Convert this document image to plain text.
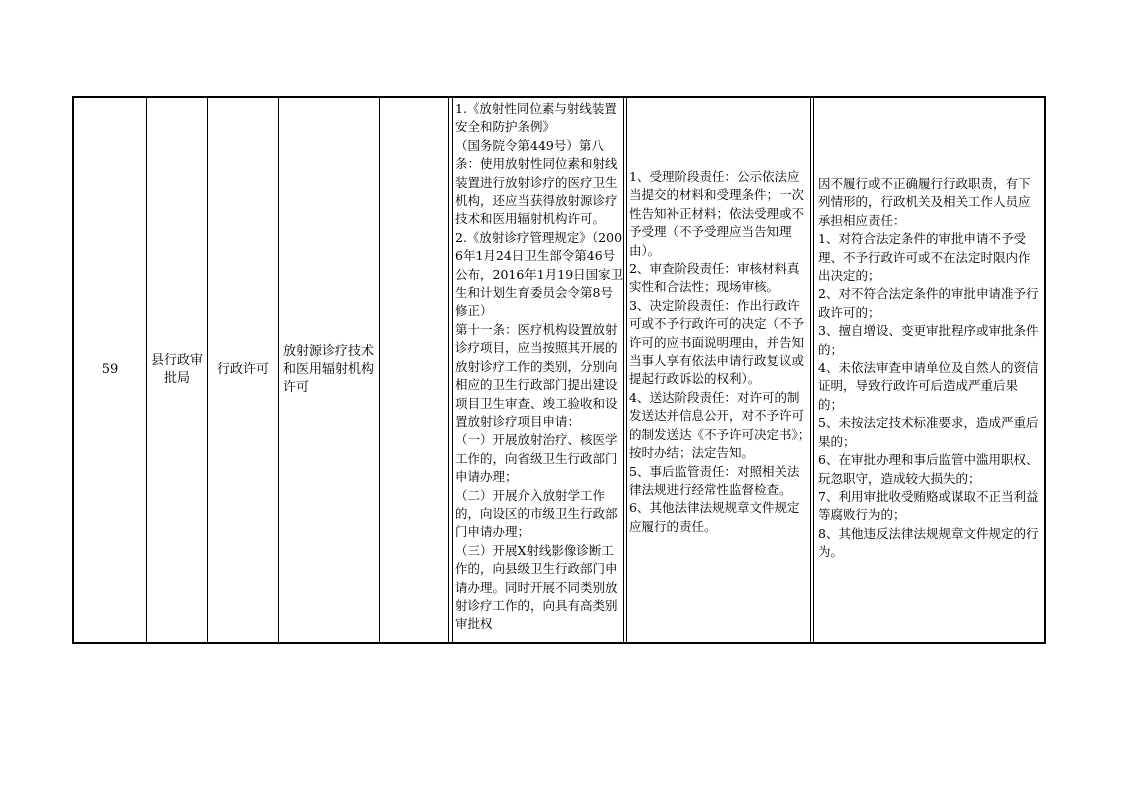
59
县行政审批局
行政许可
放射源诊疗技术和医用辐射机构许可
1.《放射性同位素与射线装置安全和防护条例》
（国务院令第449号）第八条：使用放射性同位素和射线装置进行放射诊疗的医疗卫生机构，还应当获得放射源诊疗技术和医用辐射机构许可。
2.《放射诊疗管理规定》（2006年1月24日卫生部令第46号公布，2016年1月19日国家卫生和计划生育委员会令第8号修正）
第十一条：医疗机构设置放射诊疗项目，应当按照其开展的放射诊疗工作的类别，分别向相应的卫生行政部门提出建设项目卫生审查、竣工验收和设置放射诊疗项目申请：
（一）开展放射治疗、核医学工作的，向省级卫生行政部门申请办理；
（二）开展介入放射学工作的，向设区的市级卫生行政部门申请办理；
（三）开展X射线影像诊断工作的，向县级卫生行政部门申请办理。同时开展不同类别放射诊疗工作的，向具有高类别审批权
1、受理阶段责任：公示依法应当提交的材料和受理条件；一次性告知补正材料；依法受理或不予受理（不予受理应当告知理由）。
2、审查阶段责任：审核材料真实性和合法性；现场审核。
3、决定阶段责任：作出行政许可或不予行政许可的决定（不予许可的应书面说明理由，并告知当事人享有依法申请行政复议或提起行政诉讼的权利）。
4、送达阶段责任：对许可的制发送达并信息公开，对不予许可的制发送达《不予许可决定书》；按时办结；法定告知。
5、事后监管责任：对照相关法律法规进行经常性监督检查。
6、其他法律法规规章文件规定应履行的责任。
因不履行或不正确履行行政职责，有下列情形的，行政机关及相关工作人员应承担相应责任：
1、对符合法定条件的审批申请不予受理、不予行政许可或不在法定时限内作出决定的；
2、对不符合法定条件的审批申请准予行政许可的；
3、擅自增设、变更审批程序或审批条件的；
4、未依法审查申请单位及自然人的资信证明，导致行政许可后造成严重后果的；
5、未按法定技术标准要求，造成严重后果的；
6、在审批办理和事后监管中滥用职权、玩忽职守，造成较大损失的；
7、利用审批收受贿赂或谋取不正当利益等腐败行为的；
8、其他违反法律法规规章文件规定的行为。
